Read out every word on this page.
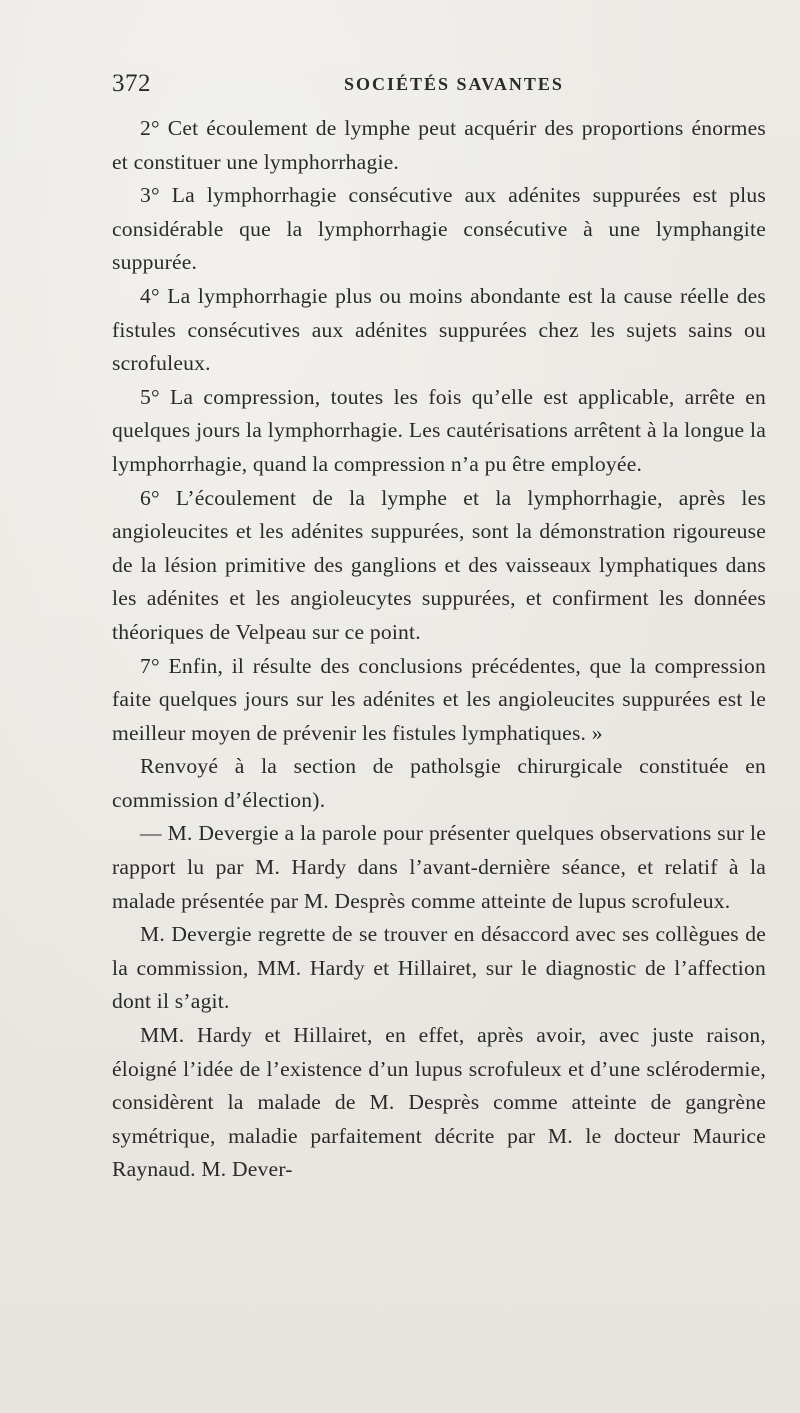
372	SOCIÉTÉS SAVANTES

2° Cet écoulement de lymphe peut acquérir des proportions énormes et constituer une lymphorrhagie.

3° La lymphorrhagie consécutive aux adénites suppurées est plus considérable que la lymphorrhagie consécutive à une lymphangite suppurée.

4° La lymphorrhagie plus ou moins abondante est la cause réelle des fistules consécutives aux adénites suppurées chez les sujets sains ou scrofuleux.

5° La compression, toutes les fois qu’elle est applicable, arrête en quelques jours la lymphorrhagie. Les cautérisations arrêtent à la longue la lymphorrhagie, quand la compression n’a pu être employée.

6° L’écoulement de la lymphe et la lymphorrhagie, après les angioleucites et les adénites suppurées, sont la démonstration rigoureuse de la lésion primitive des ganglions et des vaisseaux lymphatiques dans les adénites et les angioleucytes suppurées, et confirment les données théoriques de Velpeau sur ce point.

7° Enfin, il résulte des conclusions précédentes, que la compression faite quelques jours sur les adénites et les angioleucites suppurées est le meilleur moyen de prévenir les fistules lymphatiques. »

Renvoyé à la section de patholsgie chirurgicale constituée en commission d’élection).

— M. Devergie a la parole pour présenter quelques observations sur le rapport lu par M. Hardy dans l’avant-dernière séance, et relatif à la malade présentée par M. Desprès comme atteinte de lupus scrofuleux.

M. Devergie regrette de se trouver en désaccord avec ses collègues de la commission, MM. Hardy et Hillairet, sur le diagnostic de l’affection dont il s’agit.

MM. Hardy et Hillairet, en effet, après avoir, avec juste raison, éloigné l’idée de l’existence d’un lupus scrofuleux et d’une sclérodermie, considèrent la malade de M. Desprès comme atteinte de gangrène symétrique, maladie parfaitement décrite par M. le docteur Maurice Raynaud. M. Dever-
